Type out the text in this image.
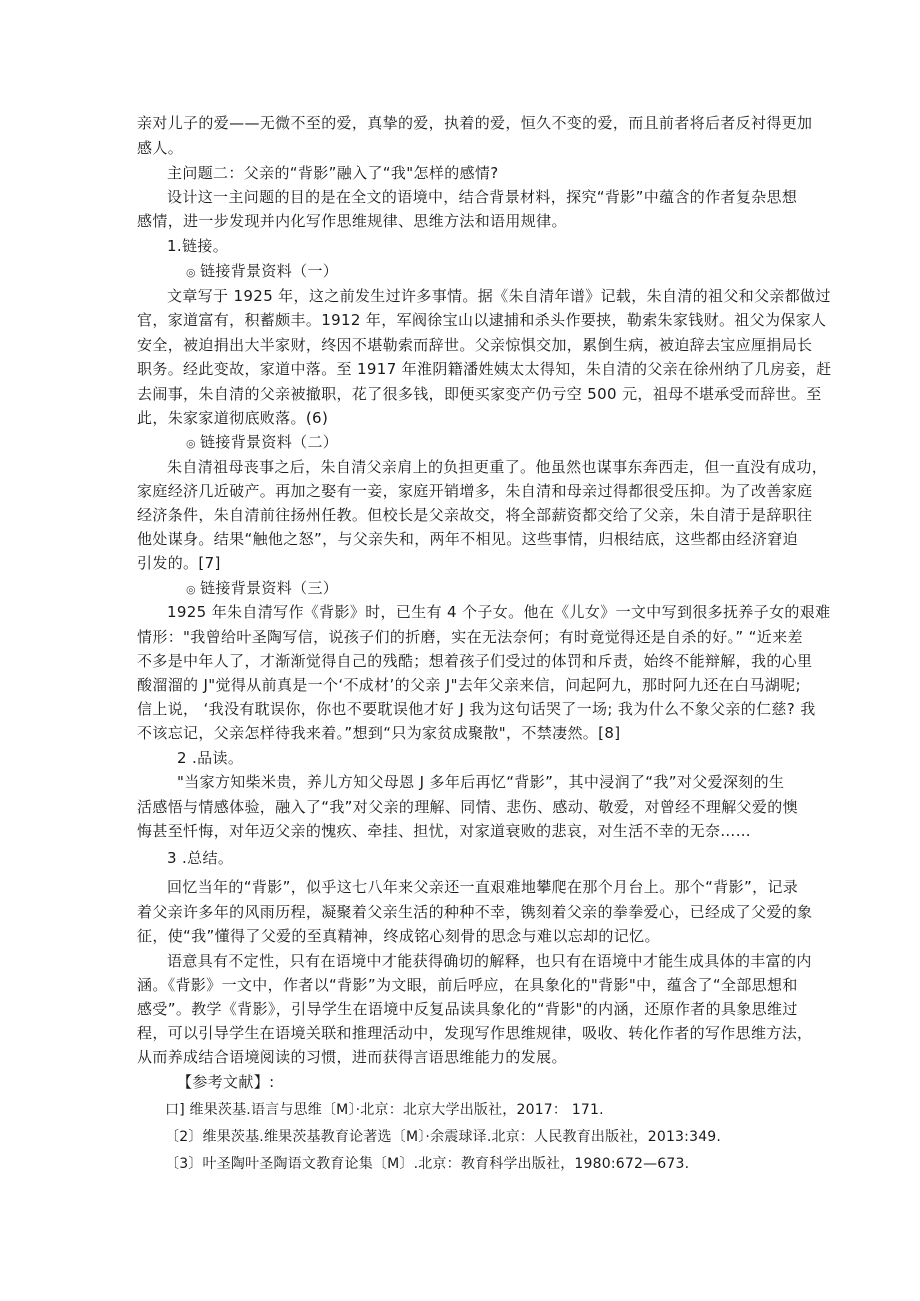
亲对儿子的爱——无微不至的爱，真挚的爱，执着的爱，恒久不变的爱，而且前者将后者反衬得更加
感人。
主问题二：父亲的“背影”融入了“我"怎样的感情?
设计这一主问题的目的是在全文的语境中，结合背景材料，探究“背影”中蕴含的作者复杂思想
感情，进一步发现并内化写作思维规律、思维方法和语用规律。
1.链接。
◎ 链接背景资料（一）
文章写于 1925 年，这之前发生过许多事情。据《朱自清年谱》记载，朱自清的祖父和父亲都做过
官，家道富有，积蓄颇丰。1912 年，军阀徐宝山以逮捕和杀头作要挟，勒索朱家钱财。祖父为保家人
安全，被迫捐出大半家财，终因不堪勒索而辞世。父亲惊惧交加，累倒生病，被迫辞去宝应厘捐局长
职务。经此变故，家道中落。至 1917 年淮阴籍潘姓姨太太得知，朱自清的父亲在徐州纳了几房妾，赶
去闹事，朱自清的父亲被撤职，花了很多钱，即便买家变产仍亏空 500 元，祖母不堪承受而辞世。至
此，朱家家道彻底败落。(6)
◎ 链接背景资料（二）
朱自清祖母丧事之后，朱自清父亲肩上的负担更重了。他虽然也谋事东奔西走，但一直没有成功，
家庭经济几近破产。再加之娶有一妾，家庭开销增多，朱自清和母亲过得都很受压抑。为了改善家庭
经济条件，朱自清前往扬州任教。但校长是父亲故交，将全部薪资都交给了父亲，朱自清于是辞职往
他处谋身。结果“触他之怒”，与父亲失和，两年不相见。这些事情，归根结底，这些都由经济窘迫
引发的。[7]
◎ 链接背景资料（三）
1925 年朱自清写作《背影》时，已生有 4 个子女。他在《儿女》一文中写到很多抚养子女的艰难
情形："我曾给叶圣陶写信，说孩子们的折磨，实在无法奈何；有时竟觉得还是自杀的好。” “近来差
不多是中年人了，才渐渐觉得自己的残酷；想着孩子们受过的体罚和斥责，始终不能辩解，我的心里
酸溜溜的 J"觉得从前真是一个‘不成材’的父亲 J"去年父亲来信，问起阿九，那时阿九还在白马湖呢;
信上说， ‘我没有耽误你，你也不要耽误他才好 J 我为这句话哭了一场; 我为什么不象父亲的仁慈? 我
不该忘记，父亲怎样待我来着。”想到“只为家贫成聚散"，不禁凄然。[8]
2 .品读。
"当家方知柴米贵，养儿方知父母恩 J 多年后再忆“背影”，其中浸润了“我”对父爱深刻的生
活感悟与情感体验，融入了“我”对父亲的理解、同情、悲伤、感动、敬爱，对曾经不理解父爱的懊
悔甚至忏悔，对年迈父亲的愧疚、牵挂、担忧，对家道衰败的悲哀，对生活不幸的无奈……
3 .总结。
回忆当年的“背影”，似乎这七八年来父亲还一直艰难地攀爬在那个月台上。那个“背影”，记录
着父亲许多年的风雨历程，凝聚着父亲生活的种种不幸，镌刻着父亲的拳拳爱心，已经成了父爱的象
征，使“我”懂得了父爱的至真精神，终成铭心刻骨的思念与难以忘却的记忆。
语意具有不定性，只有在语境中才能获得确切的解释，也只有在语境中才能生成具体的丰富的内
涵。《背影》一文中，作者以“背影”为文眼，前后呼应，在具象化的"背影"中，蕴含了“全部思想和
感受”。教学《背影》，引导学生在语境中反复品读具象化的“背影"的内涵，还原作者的具象思维过
程，可以引导学生在语境关联和推理活动中，发现写作思维规律，吸收、转化作者的写作思维方法，
从而养成结合语境阅读的习惯，进而获得言语思维能力的发展。
【参考文献】:
口] 维果茨基.语言与思维〔M〕·北京：北京大学出版社，2017： 171.
〔2〕维果茨基.维果茨基教育论著选〔M〕·余震球译.北京：人民教育出版社，2013:349.
〔3〕叶圣陶叶圣陶语文教育论集〔M〕.北京：教育科学出版社，1980:672—673.
